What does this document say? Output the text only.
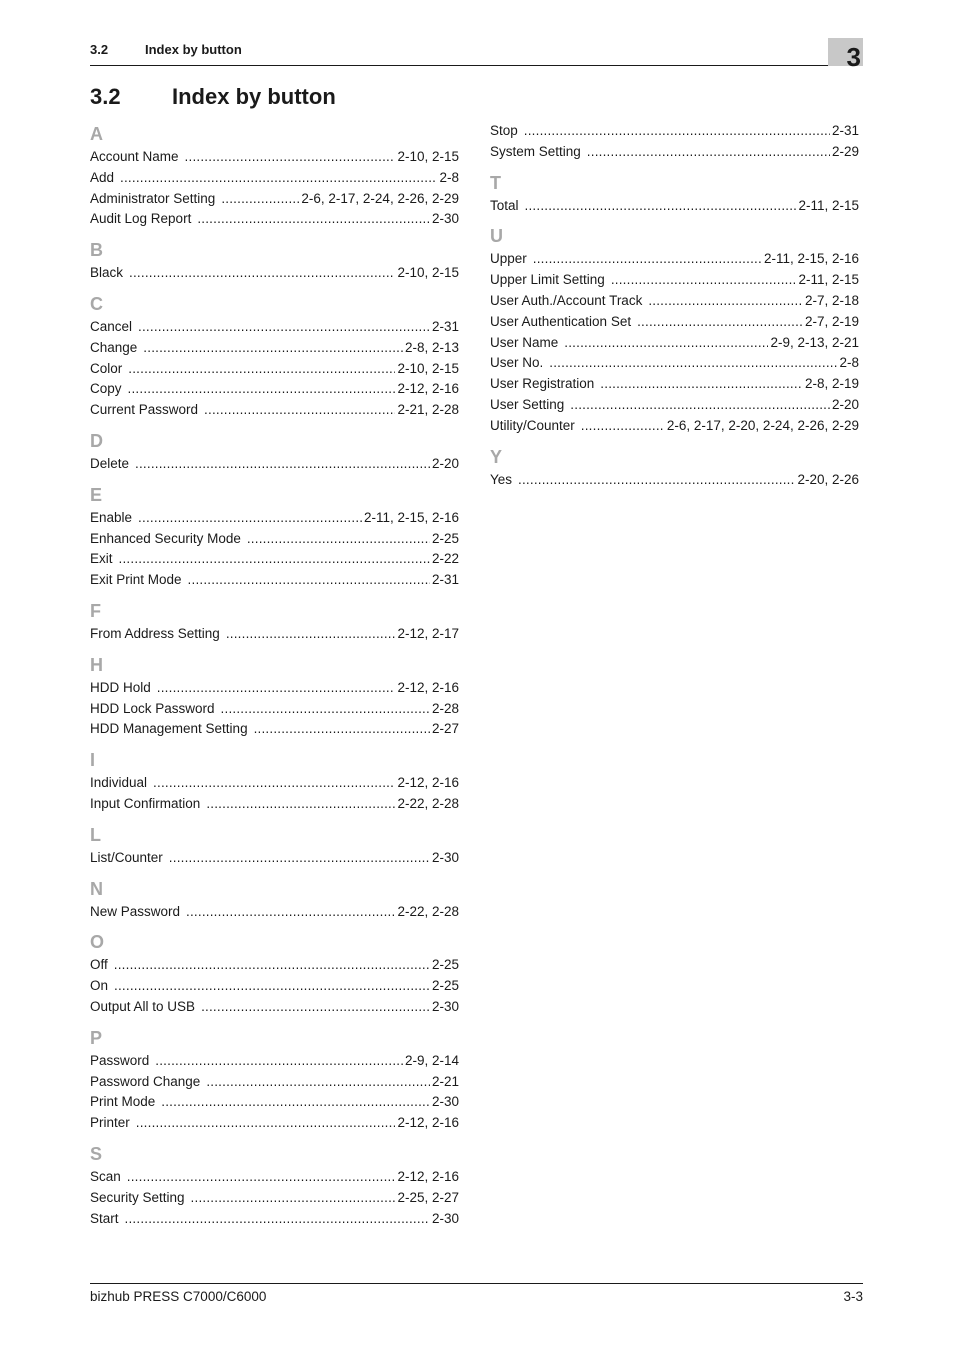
3.2	Index by button	3
3.2 Index by button
A
Account Name .....	2-10, 2-15
Add .....	2-8
Administrator Setting .....	2-6, 2-17, 2-24, 2-26, 2-29
Audit Log Report .....	2-30
B
Black .....	2-10, 2-15
C
Cancel .....	2-31
Change .....	2-8, 2-13
Color .....	2-10, 2-15
Copy .....	2-12, 2-16
Current Password .....	2-21, 2-28
D
Delete .....	2-20
E
Enable .....	2-11, 2-15, 2-16
Enhanced Security Mode .....	2-25
Exit .....	2-22
Exit Print Mode .....	2-31
F
From Address Setting .....	2-12, 2-17
H
HDD Hold .....	2-12, 2-16
HDD Lock Password .....	2-28
HDD Management Setting .....	2-27
I
Individual .....	2-12, 2-16
Input Confirmation .....	2-22, 2-28
L
List/Counter .....	2-30
N
New Password .....	2-22, 2-28
O
Off .....	2-25
On .....	2-25
Output All to USB .....	2-30
P
Password .....	2-9, 2-14
Password Change .....	2-21
Print Mode .....	2-30
Printer .....	2-12, 2-16
S
Scan .....	2-12, 2-16
Security Setting .....	2-25, 2-27
Start .....	2-30
Stop .....	2-31
System Setting .....	2-29
T
Total .....	2-11, 2-15
U
Upper .....	2-11, 2-15, 2-16
Upper Limit Setting .....	2-11, 2-15
User Auth./Account Track .....	2-7, 2-18
User Authentication Set .....	2-7, 2-19
User Name .....	2-9, 2-13, 2-21
User No. .....	2-8
User Registration .....	2-8, 2-19
User Setting .....	2-20
Utility/Counter .....	2-6, 2-17, 2-20, 2-24, 2-26, 2-29
Y
Yes .....	2-20, 2-26
bizhub PRESS C7000/C6000	3-3
